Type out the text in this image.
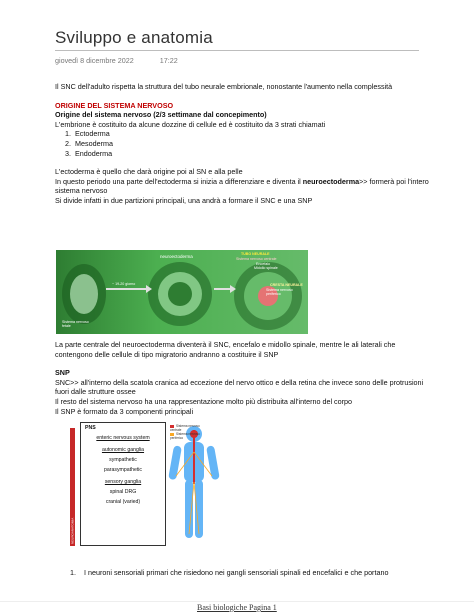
Sviluppo e anatomia
giovedì 8 dicembre 2022	17:22

Il SNC dell'adulto rispetta la struttura del tubo neurale embrionale, nonostante l'aumento nella complessità

ORIGINE DEL SISTEMA NERVOSO

Origine del sistema nervoso (2/3 settimane dal concepimento)

L'embrione è costituito da alcune dozzine di cellule ed è costituito da 3 strati chiamati

1. Ectoderma
2. Mesoderma
3. Endoderma

L'ectoderma è quello che darà origine poi al SN e alla pelle

In questo periodo una parte dell'ectoderma si inizia a differenziare e diventa il neuroectoderma>> formerà poi l'intero sistema nervoso

Si divide infatti in due partizioni principali, una andrà a formare il SNC e una SNP

TUBO NEURALE
Sistema nervoso centrale
Encefalo
Midollo spinale
CRESTA NEURALE
Sistema nervoso periferico
neuroectoderma
~ 19-20 giorno
Sistema nervoso
fetale

La parte centrale del neuroectoderma diventerà il SNC, encefalo e midollo spinale, mentre le ali laterali che contengono delle cellule di tipo migratorio andranno a costituire il SNP

SNP

SNC>> all'interno della scatola cranica ad eccezione del nervo ottico e della retina che invece sono delle protrusioni fuori dalle strutture ossee

Il resto del sistema nervoso ha una rappresentazione molto più distribuita all'interno del corpo

Il SNP è formato da 3 componenti principali

NEUROANATOMIA
PNS
enteric nervous system
autonomic ganglia
sympathetic
parasympathetic
sensory ganglia
spinal DRG
cranial (varied)
Sistema nervoso centrale
Sistema nervoso periferico
1. I neuroni sensoriali primari che risiedono nei gangli sensoriali spinali ed encefalici e che portano
Basi biologiche Pagina 1
